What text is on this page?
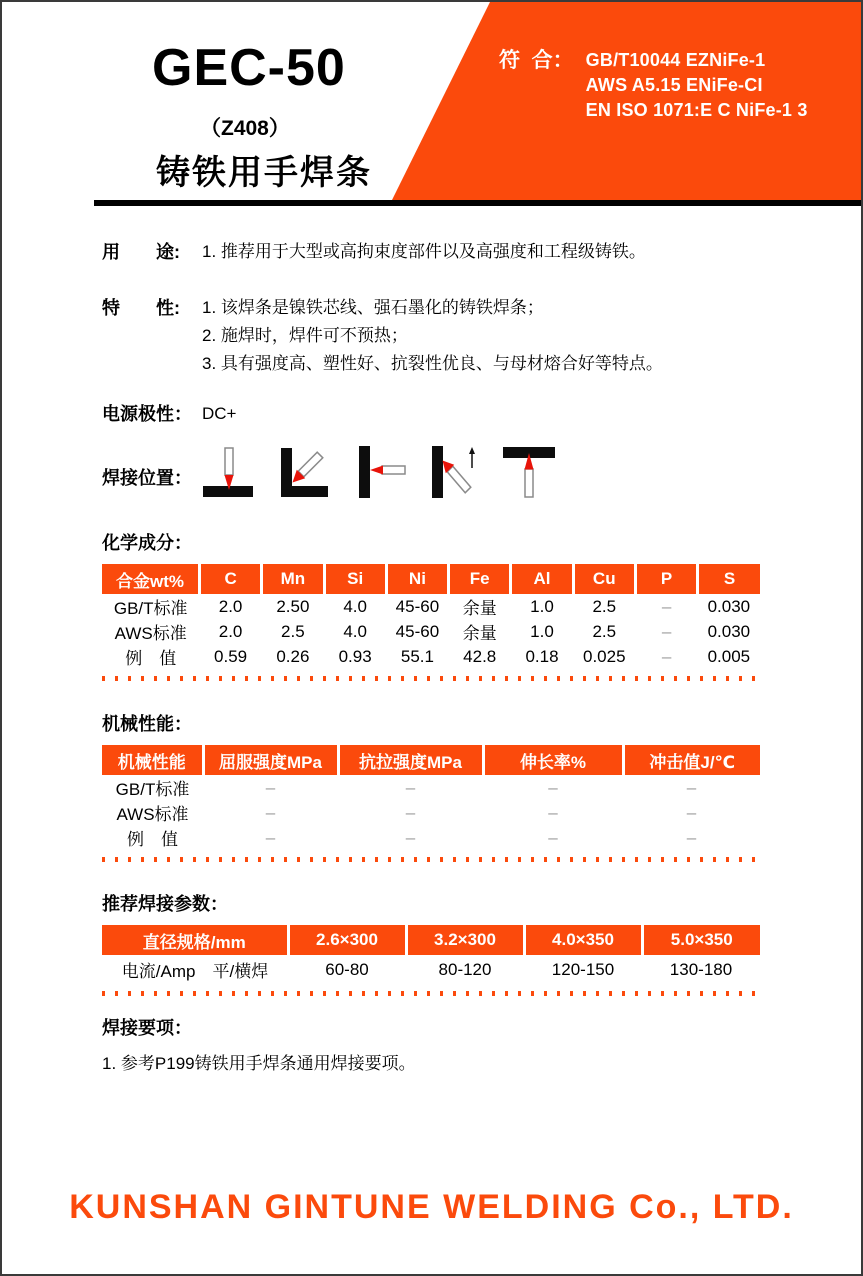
符  合： GB/T10044 EZNiFe-1
AWS A5.15 ENiFe-CI
EN ISO 1071:E C NiFe-1 3
GEC-50
（Z408）
铸铁用手焊条
用　　途:	1. 推荐用于大型或高拘束度部件以及高强度和工程级铸铁。
特　　性:	1. 该焊条是镍铁芯线、强石墨化的铸铁焊条；
2. 施焊时，焊件可不预热；
3. 具有强度高、塑性好、抗裂性优良、与母材熔合好等特点。
电源极性： DC+
焊接位置：
化学成分：
合金wt%	C	Mn	Si	Ni	Fe	Al	Cu	P	S
GB/T标准	2.0	2.50	4.0	45-60	余量	1.0	2.5	–	0.030
AWS标准	2.0	2.5	4.0	45-60	余量	1.0	2.5	–	0.030
例　值	0.59	0.26	0.93	55.1	42.8	0.18	0.025	–	0.005
机械性能：
机械性能	屈服强度MPa	抗拉强度MPa	伸长率%	冲击值J/℃
GB/T标准	–	–	–	–
AWS标准	–	–	–	–
例　值	–	–	–	–
推荐焊接参数：
直径规格/mm	2.6×300	3.2×300	4.0×350	5.0×350
电流/Amp　平/横焊	60-80	80-120	120-150	130-180
焊接要项：
1. 参考P199铸铁用手焊条通用焊接要项。
KUNSHAN GINTUNE WELDING Co., LTD.
